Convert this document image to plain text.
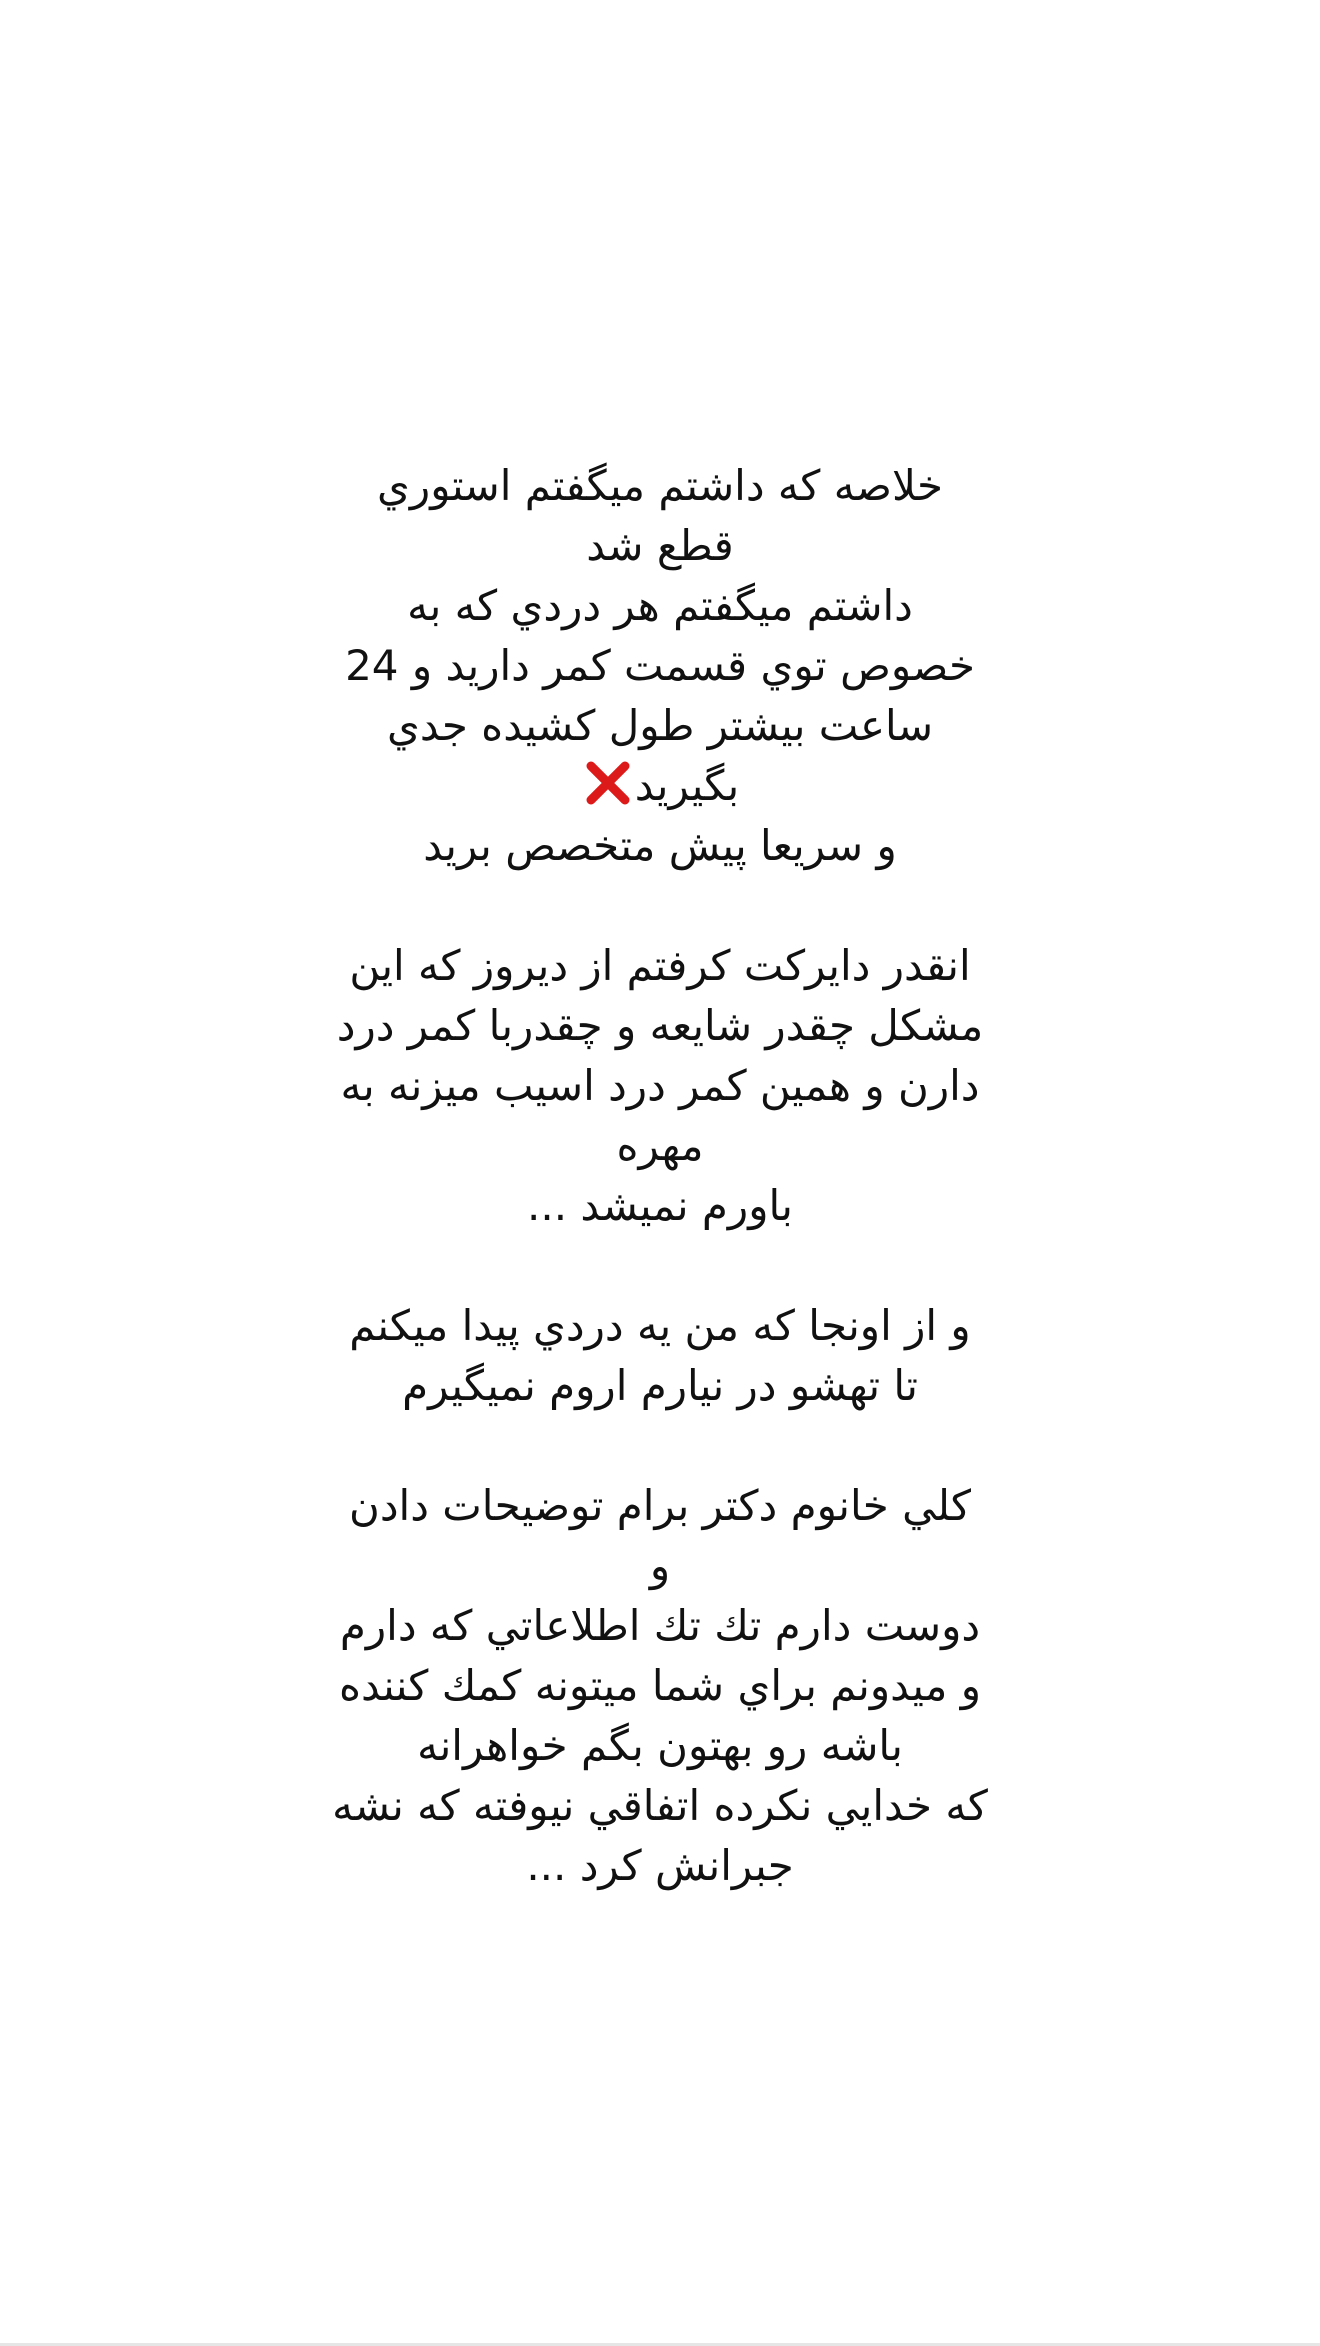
خلاصه كه داشتم ميگفتم استوري
قطع شد
داشتم ميگفتم هر دردي كه به
خصوص توي قسمت كمر داريد و 24
ساعت بيشتر طول كشيده جدي
بگيريد
و سريعا پيش متخصص بريد
انقدر دايركت كرفتم از ديروز كه اين
مشكل چقدر شايعه و چقدربا كمر درد
دارن و همين كمر درد اسيب ميزنه به
مهره
باورم نميشد ...
و از اونجا كه من يه دردي پيدا ميكنم
تا تهشو در نيارم اروم نميگيرم
كلي خانوم دكتر برام توضيحات دادن
و
دوست دارم تك تك اطلاعاتي كه دارم
و ميدونم براي شما ميتونه كمك كننده
باشه رو بهتون بگم خواهرانه
كه خدايي نكرده اتفاقي نيوفته كه نشه
جبرانش كرد ...
